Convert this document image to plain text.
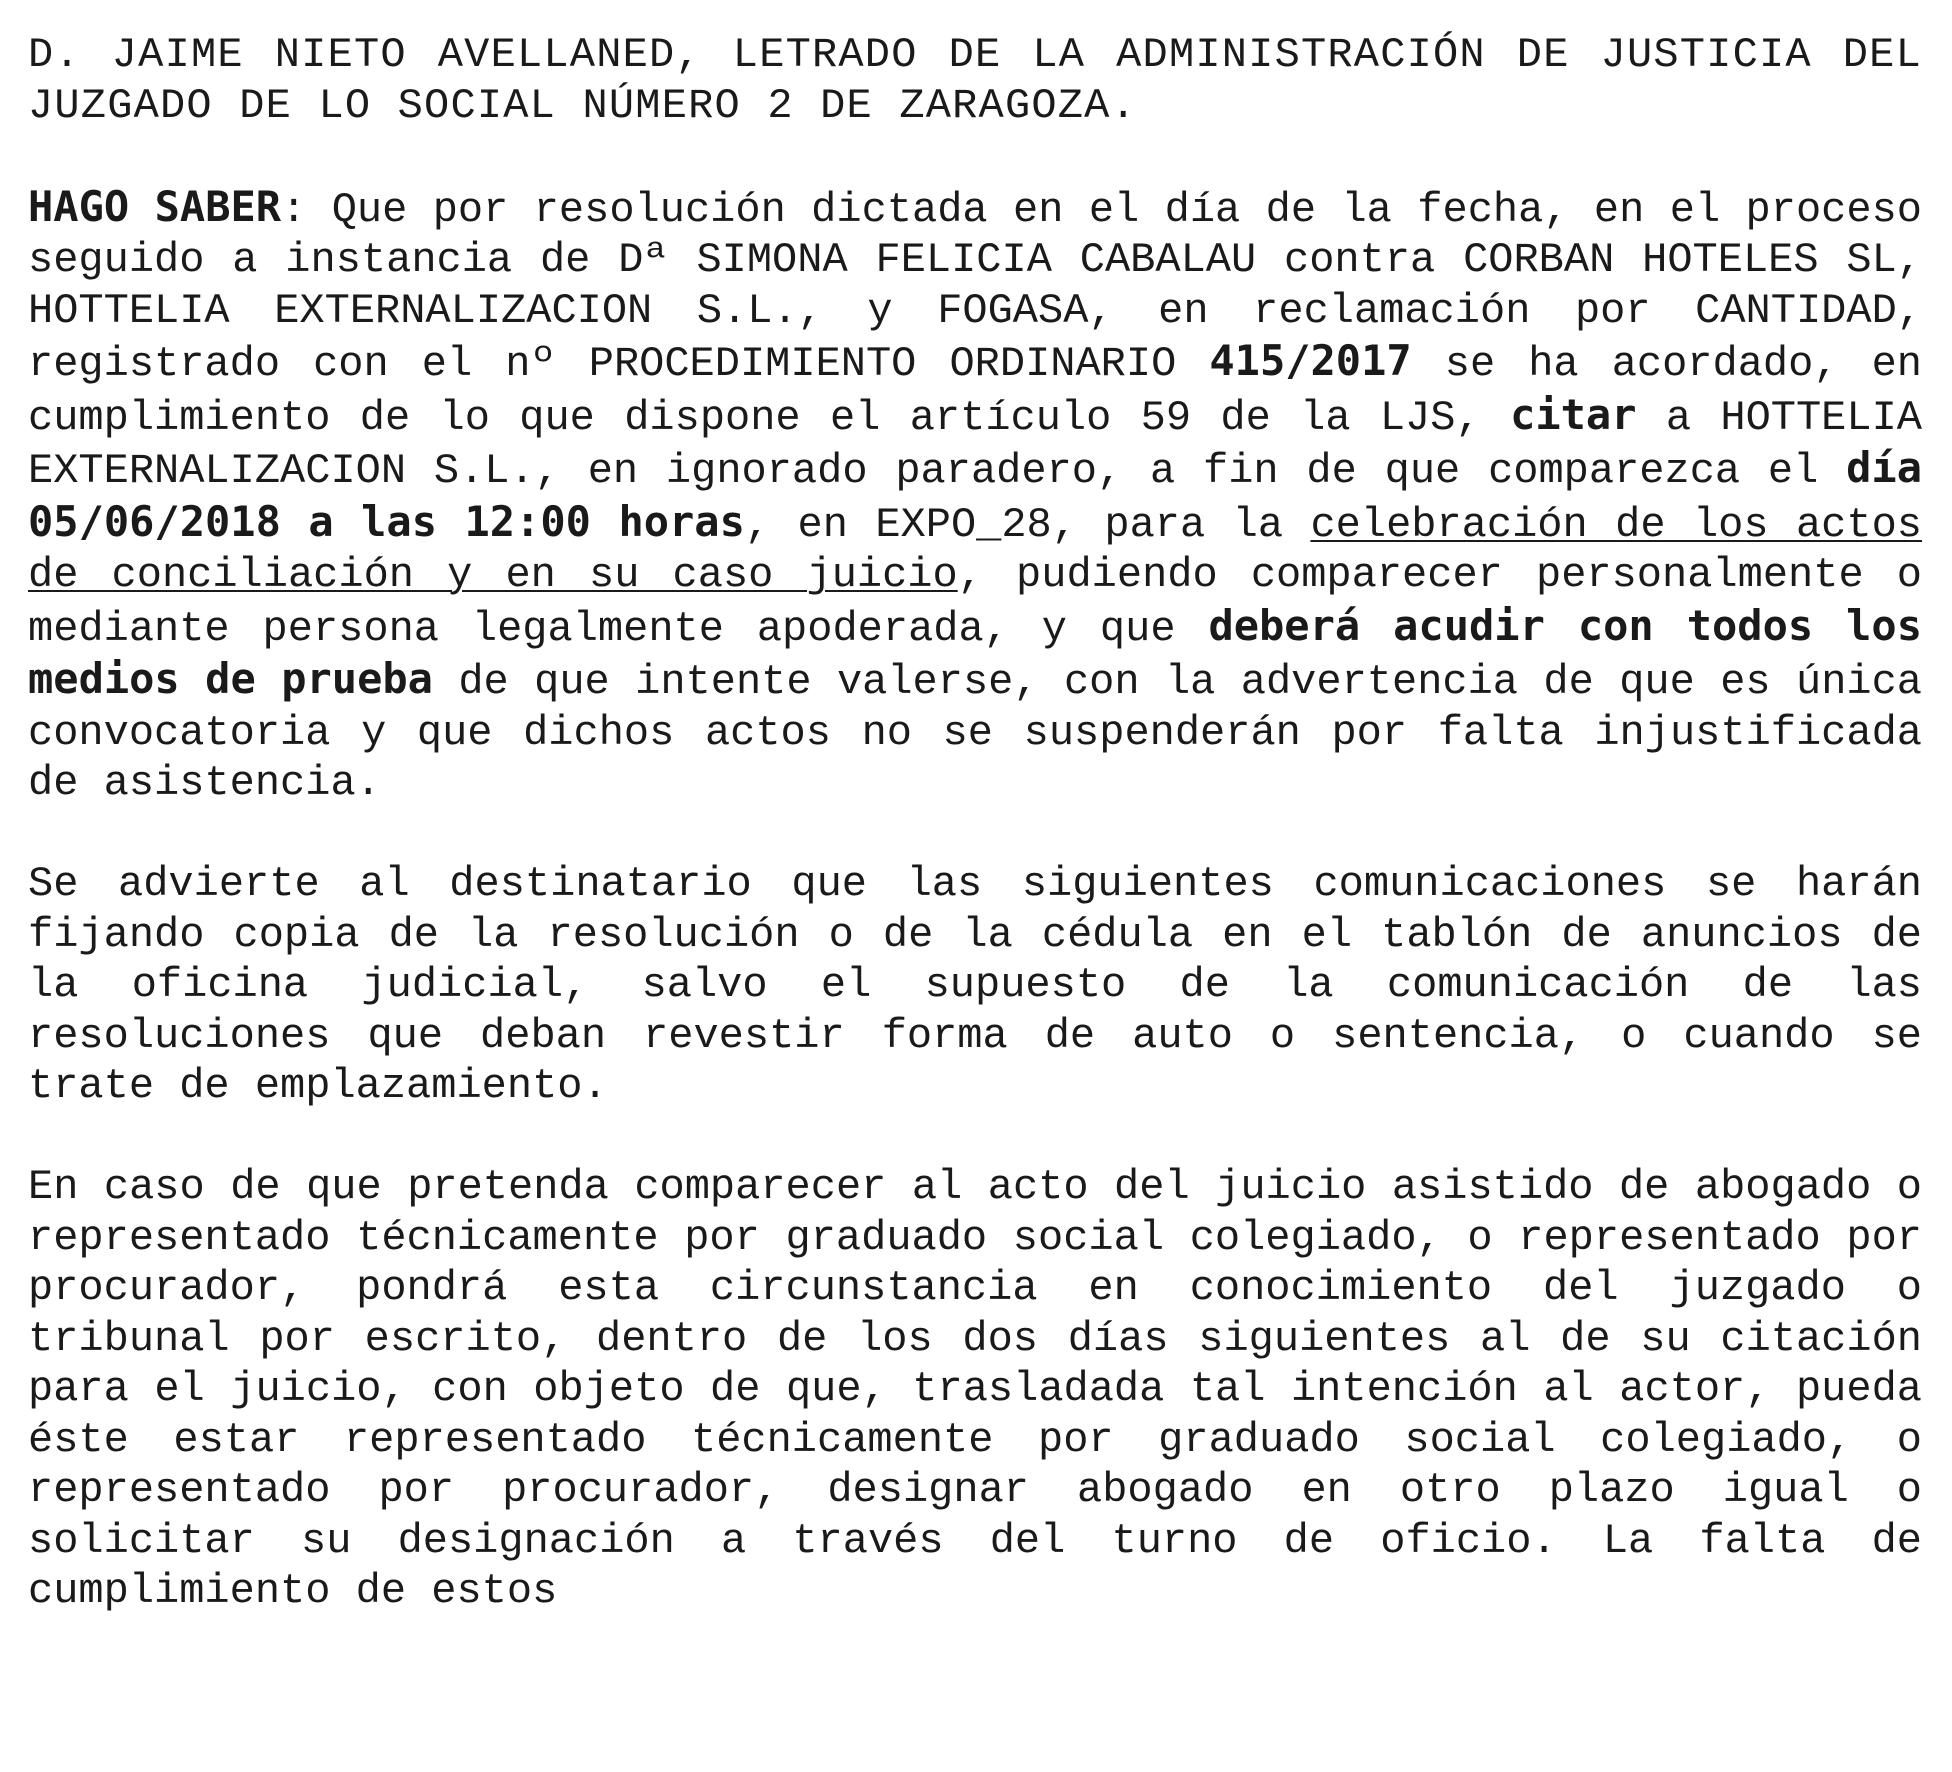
D. JAIME NIETO AVELLANED, LETRADO DE LA ADMINISTRACIÓN DE JUSTICIA DEL JUZGADO DE LO SOCIAL NÚMERO 2 DE ZARAGOZA.

HAGO SABER: Que por resolución dictada en el día de la fecha, en el proceso seguido a instancia de Dª SIMONA FELICIA CABALAU contra CORBAN HOTELES SL, HOTTELIA EXTERNALIZACION S.L., y FOGASA, en reclamación por CANTIDAD, registrado con el nº PROCEDIMIENTO ORDINARIO 415/2017 se ha acordado, en cumplimiento de lo que dispone el artículo 59 de la LJS, citar a HOTTELIA EXTERNALIZACION S.L., en ignorado paradero, a fin de que comparezca el día 05/06/2018 a las 12:00 horas, en EXPO_28, para la celebración de los actos de conciliación y en su caso juicio, pudiendo comparecer personalmente o mediante persona legalmente apoderada, y que deberá acudir con todos los medios de prueba de que intente valerse, con la advertencia de que es única convocatoria y que dichos actos no se suspenderán por falta injustificada de asistencia.

Se advierte al destinatario que las siguientes comunicaciones se harán fijando copia de la resolución o de la cédula en el tablón de anuncios de la oficina judicial, salvo el supuesto de la comunicación de las resoluciones que deban revestir forma de auto o sentencia, o cuando se trate de emplazamiento.

En caso de que pretenda comparecer al acto del juicio asistido de abogado o representado técnicamente por graduado social colegiado, o representado por procurador, pondrá esta circunstancia en conocimiento del juzgado o tribunal por escrito, dentro de los dos días siguientes al de su citación para el juicio, con objeto de que, trasladada tal intención al actor, pueda éste estar representado técnicamente por graduado social colegiado, o representado por procurador, designar abogado en otro plazo igual o solicitar su designación a través del turno de oficio. La falta de cumplimiento de estos
